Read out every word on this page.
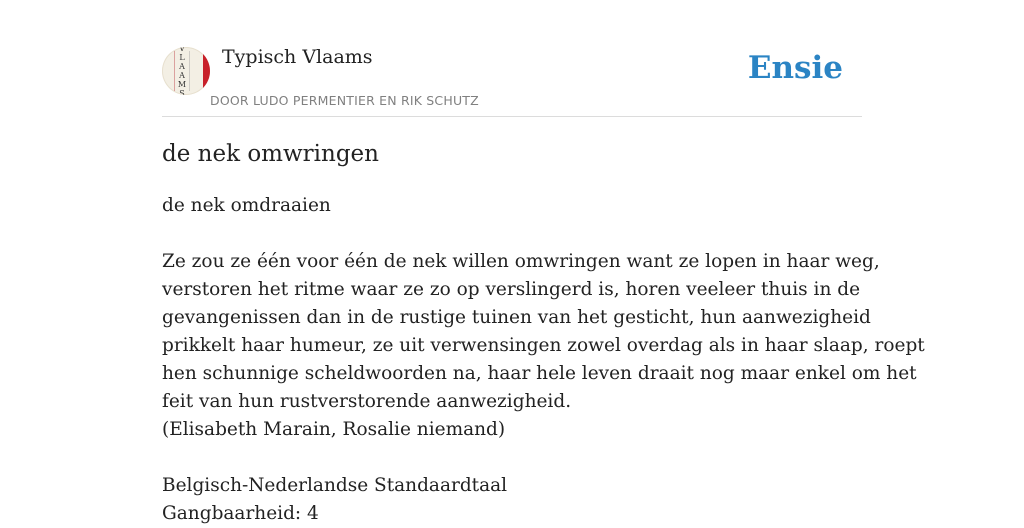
V
L
A
A
M
S
Typisch Vlaams
DOOR LUDO PERMENTIER EN RIK SCHUTZ
Ensie
de nek omwringen

de nek omdraaien

Ze zou ze één voor één de nek willen omwringen want ze lopen in haar weg,

verstoren het ritme waar ze zo op verslingerd is, horen veeleer thuis in de

gevangenissen dan in de rustige tuinen van het gesticht, hun aanwezigheid

prikkelt haar humeur, ze uit verwensingen zowel overdag als in haar slaap, roept

hen schunnige scheldwoorden na, haar hele leven draait nog maar enkel om het

feit van hun rustverstorende aanwezigheid.

(Elisabeth Marain, Rosalie niemand)

Belgisch-Nederlandse Standaardtaal

Gangbaarheid: 4
